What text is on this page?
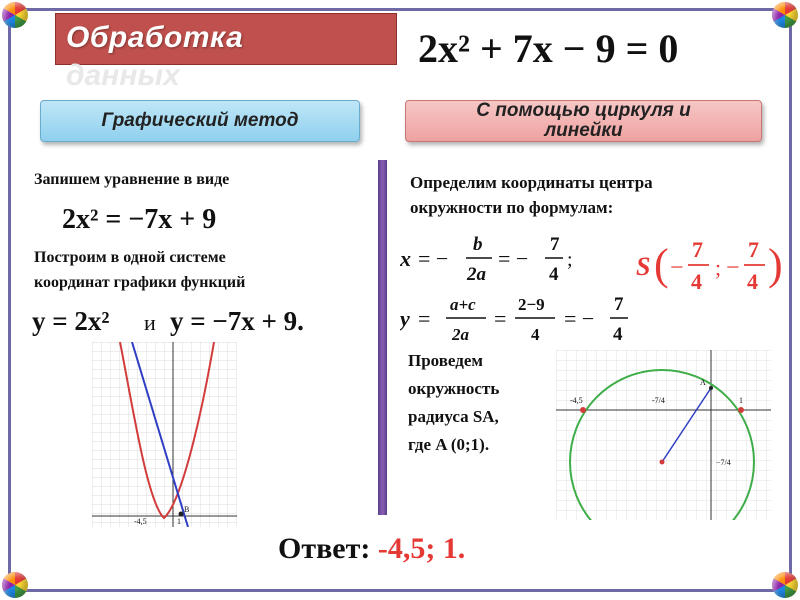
Обработка
данных
2x² + 7x − 9 = 0
Графический метод	С помощью циркуля и
линейки
Запишем уравнение в виде
2x² = −7x + 9
Построим в одной системе
координат графики функций
y = 2x² и y = −7x + 9.
B
-4,5	1
Определим координаты центра
окружности по формулам:
x = −
b
2a
= −
7
4
; S ( −
7
4
; −
7
4 )
y =
a+c
2a
=
2−9
4
= −
7
4
Проведем
окружность
радиуса SA,
где A (0;1).
-4,5	-7/4	1
A
−7/4
Ответ: -4,5; 1.
